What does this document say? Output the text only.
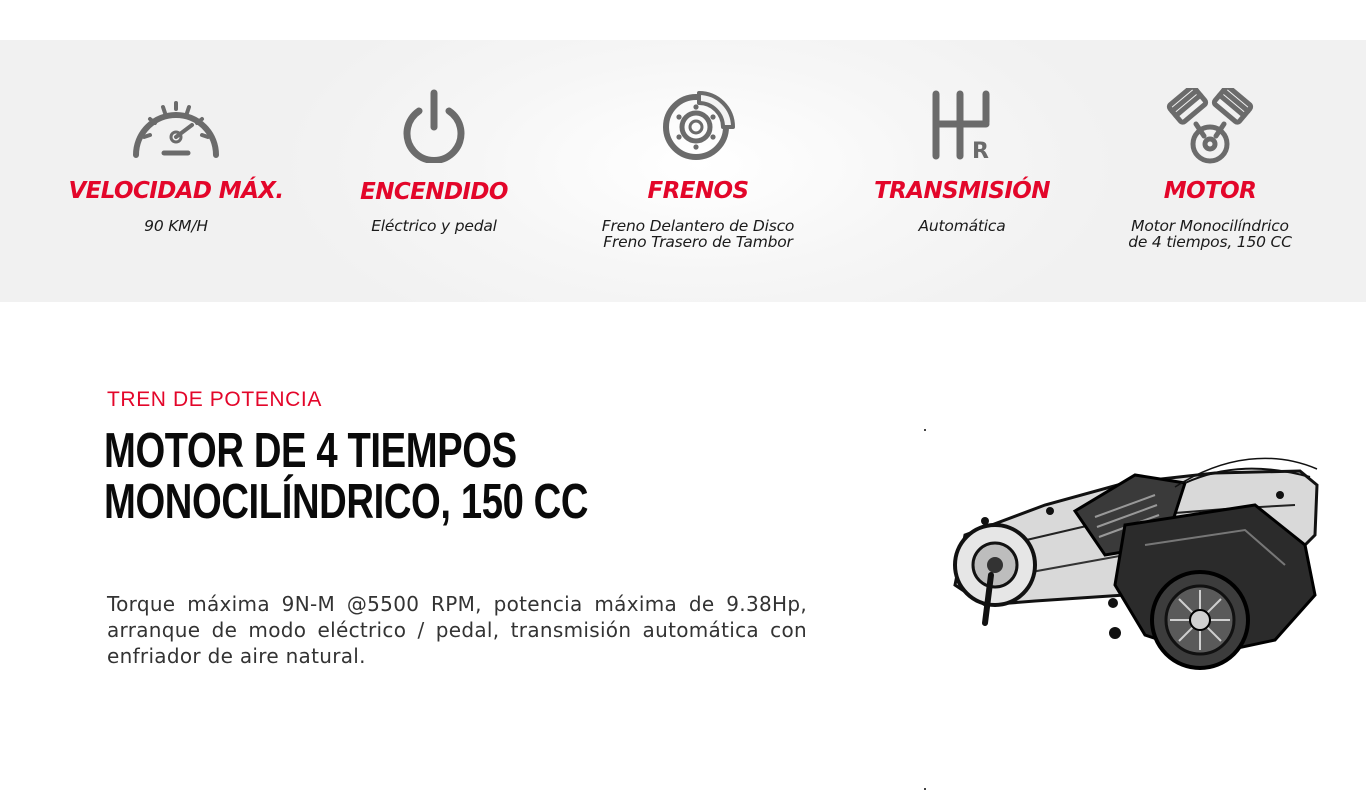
VELOCIDAD MÁX.
90 KM/H
ENCENDIDO
Eléctrico y pedal
FRENOS
Freno Delantero de Disco
Freno Trasero de Tambor
R
TRANSMISIÓN
Automática
MOTOR
Motor Monocilíndrico
de 4 tiempos, 150 CC
TREN DE POTENCIA
MOTOR DE 4 TIEMPOS
MONOCILÍNDRICO, 150 CC

Torque máxima 9N-M @5500 RPM, potencia máxima de 9.38Hp, arranque de modo eléctrico / pedal, transmisión automática con enfriador de aire natural.
